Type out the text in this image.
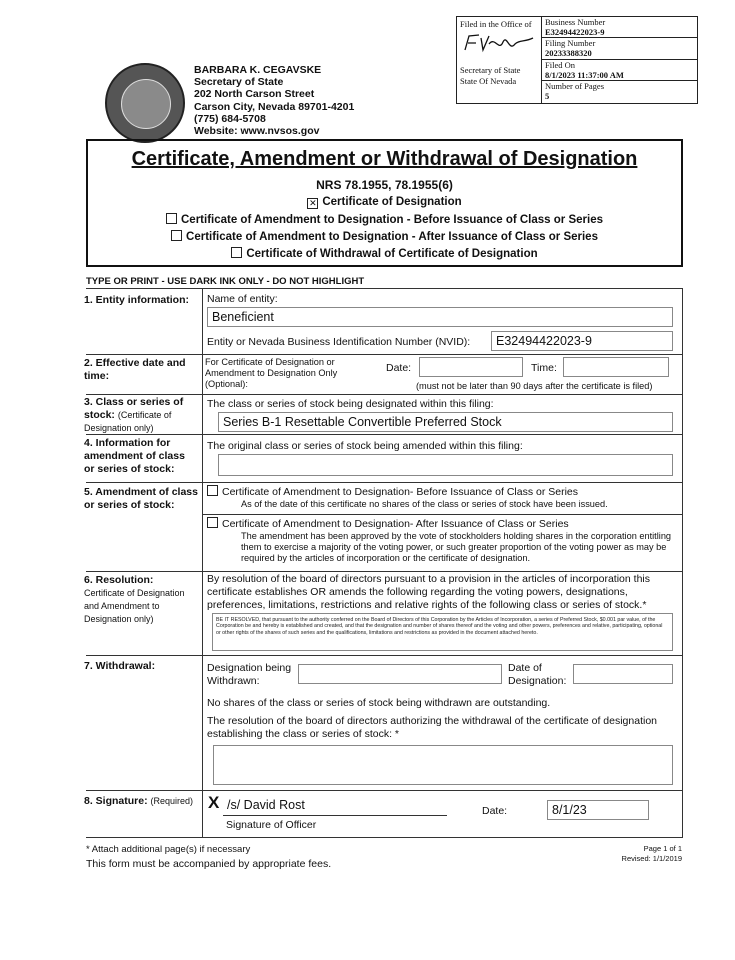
BARBARA K. CEGAVSKE
Secretary of State
202 North Carson Street
Carson City, Nevada 89701-4201
(775) 684-5708
Website: www.nvsos.gov
Filed in the Office of
Secretary of State
State Of Nevada
Business Number
E32494422023-9
Filing Number
20233388320
Filed On
8/1/2023 11:37:00 AM
Number of Pages
5
Certificate, Amendment or Withdrawal of Designation
NRS 78.1955, 78.1955(6)
✕ Certificate of Designation
Certificate of Amendment to Designation - Before Issuance of Class or Series
Certificate of Amendment to Designation - After Issuance of Class or Series
Certificate of Withdrawal of Certificate of Designation
TYPE OR PRINT - USE DARK INK ONLY - DO NOT HIGHLIGHT
1. Entity information:	Name of entity:
Beneficient
Entity or Nevada Business Identification Number (NVID):	E32494422023-9
2. Effective date and time:
For Certificate of Designation or Amendment to Designation Only (Optional):
Date:	Time:
(must not be later than 90 days after the certificate is filed)
3. Class or series of stock: (Certificate of Designation only)
The class or series of stock being designated within this filing:
Series B-1 Resettable Convertible Preferred Stock
4. Information for amendment of class or series of stock:
The original class or series of stock being amended within this filing:
5. Amendment of class or series of stock:
Certificate of Amendment to Designation- Before Issuance of Class or Series
As of the date of this certificate no shares of the class or series of stock have been issued.
Certificate of Amendment to Designation- After Issuance of Class or Series
The amendment has been approved by the vote of stockholders holding shares in the corporation entitling them to exercise a majority of the voting power, or such greater proportion of the voting power as may be required by the articles of incorporation or the certificate of designation.
6. Resolution:
Certificate of Designation and Amendment to Designation only)
By resolution of the board of directors pursuant to a provision in the articles of incorporation this certificate establishes OR amends the following regarding the voting powers, designations, preferences, limitations, restrictions and relative rights of the following class or series of stock.*
BE IT RESOLVED, that pursuant to the authority conferred on the Board of Directors of this Corporation by the Articles of Incorporation, a series of Preferred Stock, $0.001 par value, of the Corporation be and hereby is established and created, and that the designation and number of shares thereof and the voting and other powers, preferences and relative, participating, optional or other rights of the shares of such series and the qualifications, limitations and restrictions as provided in the document attached hereto.
7. Withdrawal:	Designation being Withdrawn:
Date of Designation:
No shares of the class or series of stock being withdrawn are outstanding.
The resolution of the board of directors authorizing the withdrawal of the certificate of designation establishing the class or series of stock: *
8. Signature: (Required) X /s/ David Rost
Signature of Officer
Date:	8/1/23
* Attach additional page(s) if necessary
This form must be accompanied by appropriate fees.
Page 1 of 1
Revised: 1/1/2019
